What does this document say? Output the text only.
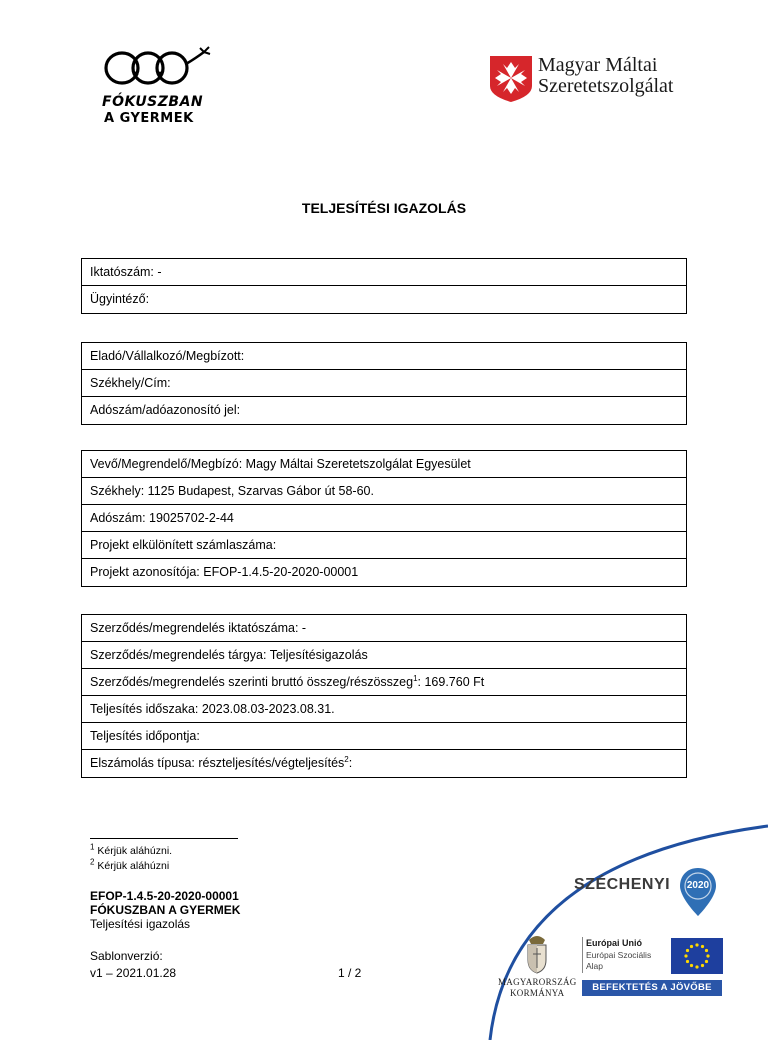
FÓKUSZBAN
A GYERMEK
Magyar Máltai
Szeretetszolgálat
TELJESÍTÉSI IGAZOLÁS
Iktatószám: -
Ügyintéző:
Eladó/Vállalkozó/Megbízott:
Székhely/Cím:
Adószám/adóazonosító jel:
Vevő/Megrendelő/Megbízó: Magy Máltai Szeretetszolgálat Egyesület
Székhely: 1125 Budapest, Szarvas Gábor út 58-60.
Adószám: 19025702-2-44
Projekt elkülönített számlaszáma:
Projekt azonosítója: EFOP-1.4.5-20-2020-00001
Szerződés/megrendelés iktatószáma: -
Szerződés/megrendelés tárgya: Teljesítésigazolás
Szerződés/megrendelés szerinti bruttó összeg/részösszeg$^1$: 169.760 Ft
Teljesítés időszaka: 2023.08.03-2023.08.31.
Teljesítés időpontja:
Elszámolás típusa: részteljesítés/végteljesítés$^2$:
$^1$ Kérjük aláhúzni.
$^2$ Kérjük aláhúzni
EFOP-1.4.5-20-2020-00001
FÓKUSZBAN A GYERMEK
Teljesítési igazolás
Sablonverzió:
v1 – 2021.01.28	1 / 2
SZÉCHENYI	2020
MAGYARORSZÁG
KORMÁNYA
Európai Unió
Európai Szociális
Alap
BEFEKTETÉS A JÖVŐBE
